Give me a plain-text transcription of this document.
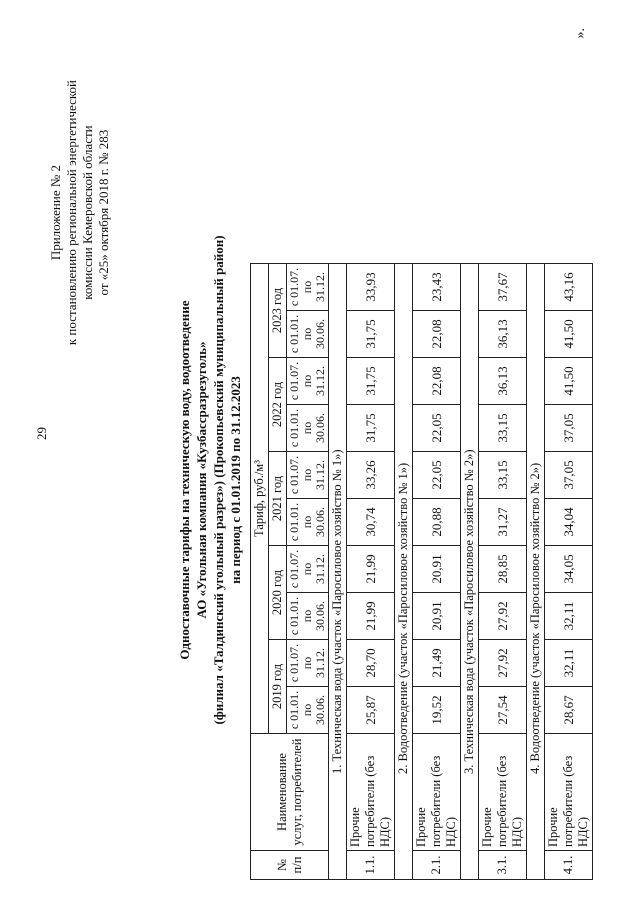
29
Приложение № 2 к постановлению региональной энергетической комиссии Кемеровской области от «25» октября 2018 г. № 283
Одноставочные тарифы на техническую воду, водоотведение АО «Угольная компания «Кузбассразрезуголь» (филиал «Талдинский угольный разрез») (Прокопьевский муниципальный район) на период с 01.01.2019 по 31.12.2023
№ п/п	Наименование услуг, потребителей	Тариф, руб./м³									
		2019 год		2020 год		2021 год		2022 год		2023 год	
		с 01.01. по 30.06.	с 01.07. по 31.12.	с 01.01. по 30.06.	с 01.07. по 31.12.	с 01.01. по 30.06.	с 01.07. по 31.12.	с 01.01. по 30.06.	с 01.07. по 31.12.	с 01.01. по 30.06.	с 01.07. по 31.12.
1. Техническая вода (участок «Паросиловое хозяйство № 1»)											
1.1.	Прочие потребители (без НДС)	25,87	28,70	21,99	21,99	30,74	33,26	31,75	31,75	31,75	33,93
2. Водоотведение (участок «Паросиловое хозяйство № 1»)											
2.1.	Прочие потребители (без НДС)	19,52	21,49	20,91	20,91	20,88	22,05	22,05	22,08	22,08	23,43
3. Техническая вода (участок «Паросиловое хозяйство № 2»)											
3.1.	Прочие потребители (без НДС)	27,54	27,92	27,92	28,85	31,27	33,15	33,15	36,13	36,13	37,67
4. Водоотведение (участок «Паросиловое хозяйство № 2»)											
4.1.	Прочие потребители (без НДС)	28,67	32,11	32,11	34,05	34,04	37,05	37,05	41,50	41,50	43,16
».
